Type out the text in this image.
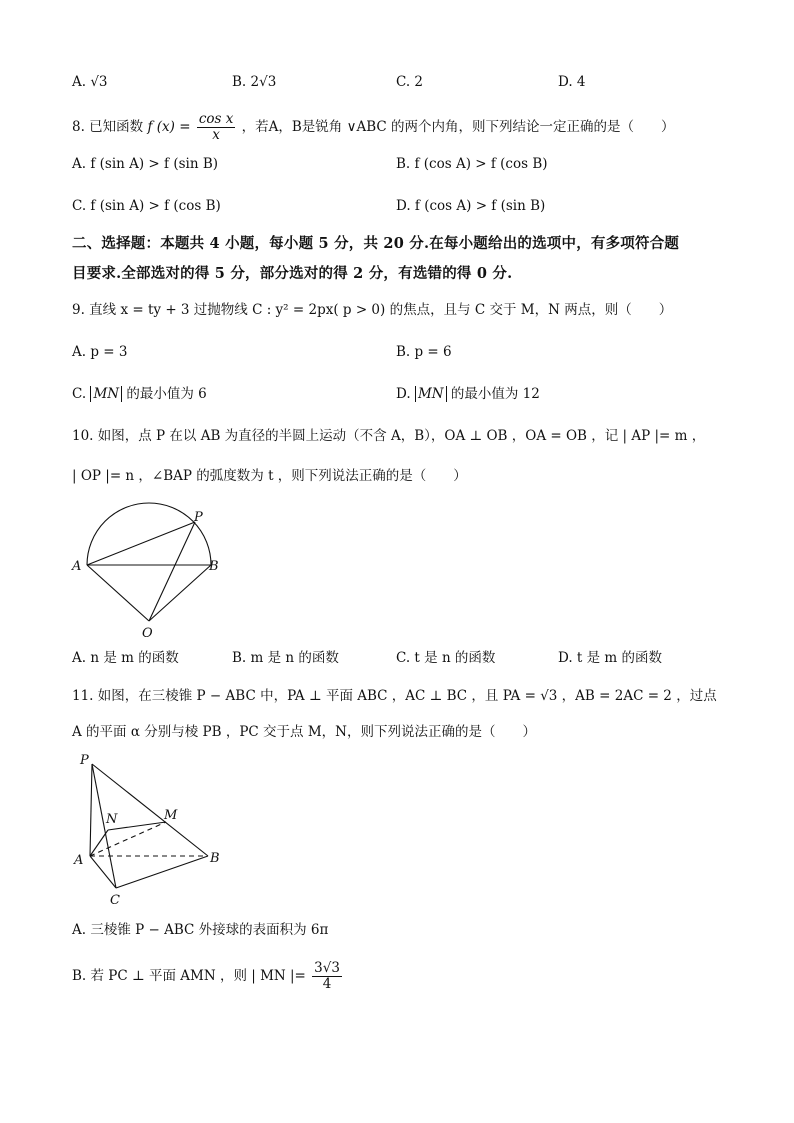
A. √3	B. 2√3	C. 2	D. 4
8. 已知函数 f $(x) = \frac{\text{cos x}}{x}$ ，若A，B是锐角 ∨ABC 的两个内角，则下列结论一定正确的是（　　）
A. f (sin A) > f (sin B)	B. f (cos A) > f (cos B)
C. f (sin A) > f (cos B)	D. f (cos A) > f (sin B)
二、选择题：本题共 4 小题，每小题 5 分，共 20 分.在每小题给出的选项中，有多项符合题
目要求.全部选对的得 5 分，部分选对的得 2 分，有选错的得 0 分.
9. 直线 x = ty + 3 过抛物线 C : y² = 2px( p > 0) 的焦点，且与 C 交于 M，N 两点，则（　　）
A. p = 3	B. p = 6
C. MN 的最小值为 6	D. MN 的最小值为 12
10. 如图，点 P 在以 AB 为直径的半圆上运动（不含 A，B），OA ⊥ OB ，OA = OB ，记 | AP |= m ，
| OP |= n ，∠BAP 的弧度数为 t ，则下列说法正确的是（　　）
P
A	B
O
A. n 是 m 的函数	B. m 是 n 的函数	C. t 是 n 的函数	D. t 是 m 的函数
11. 如图，在三棱锥 P − ABC 中，PA ⊥ 平面 ABC ，AC ⊥ BC ，且 PA = √3 ，AB = 2AC = 2 ，过点
A 的平面 α 分别与棱 PB ，PC 交于点 M，N，则下列说法正确的是（　　）
P
N	M
A	B
C
A. 三棱锥 P − ABC 外接球的表面积为 6π
B. 若 PC ⊥ 平面 AMN ，则 | MN |= $\frac{3√3}{4}$
